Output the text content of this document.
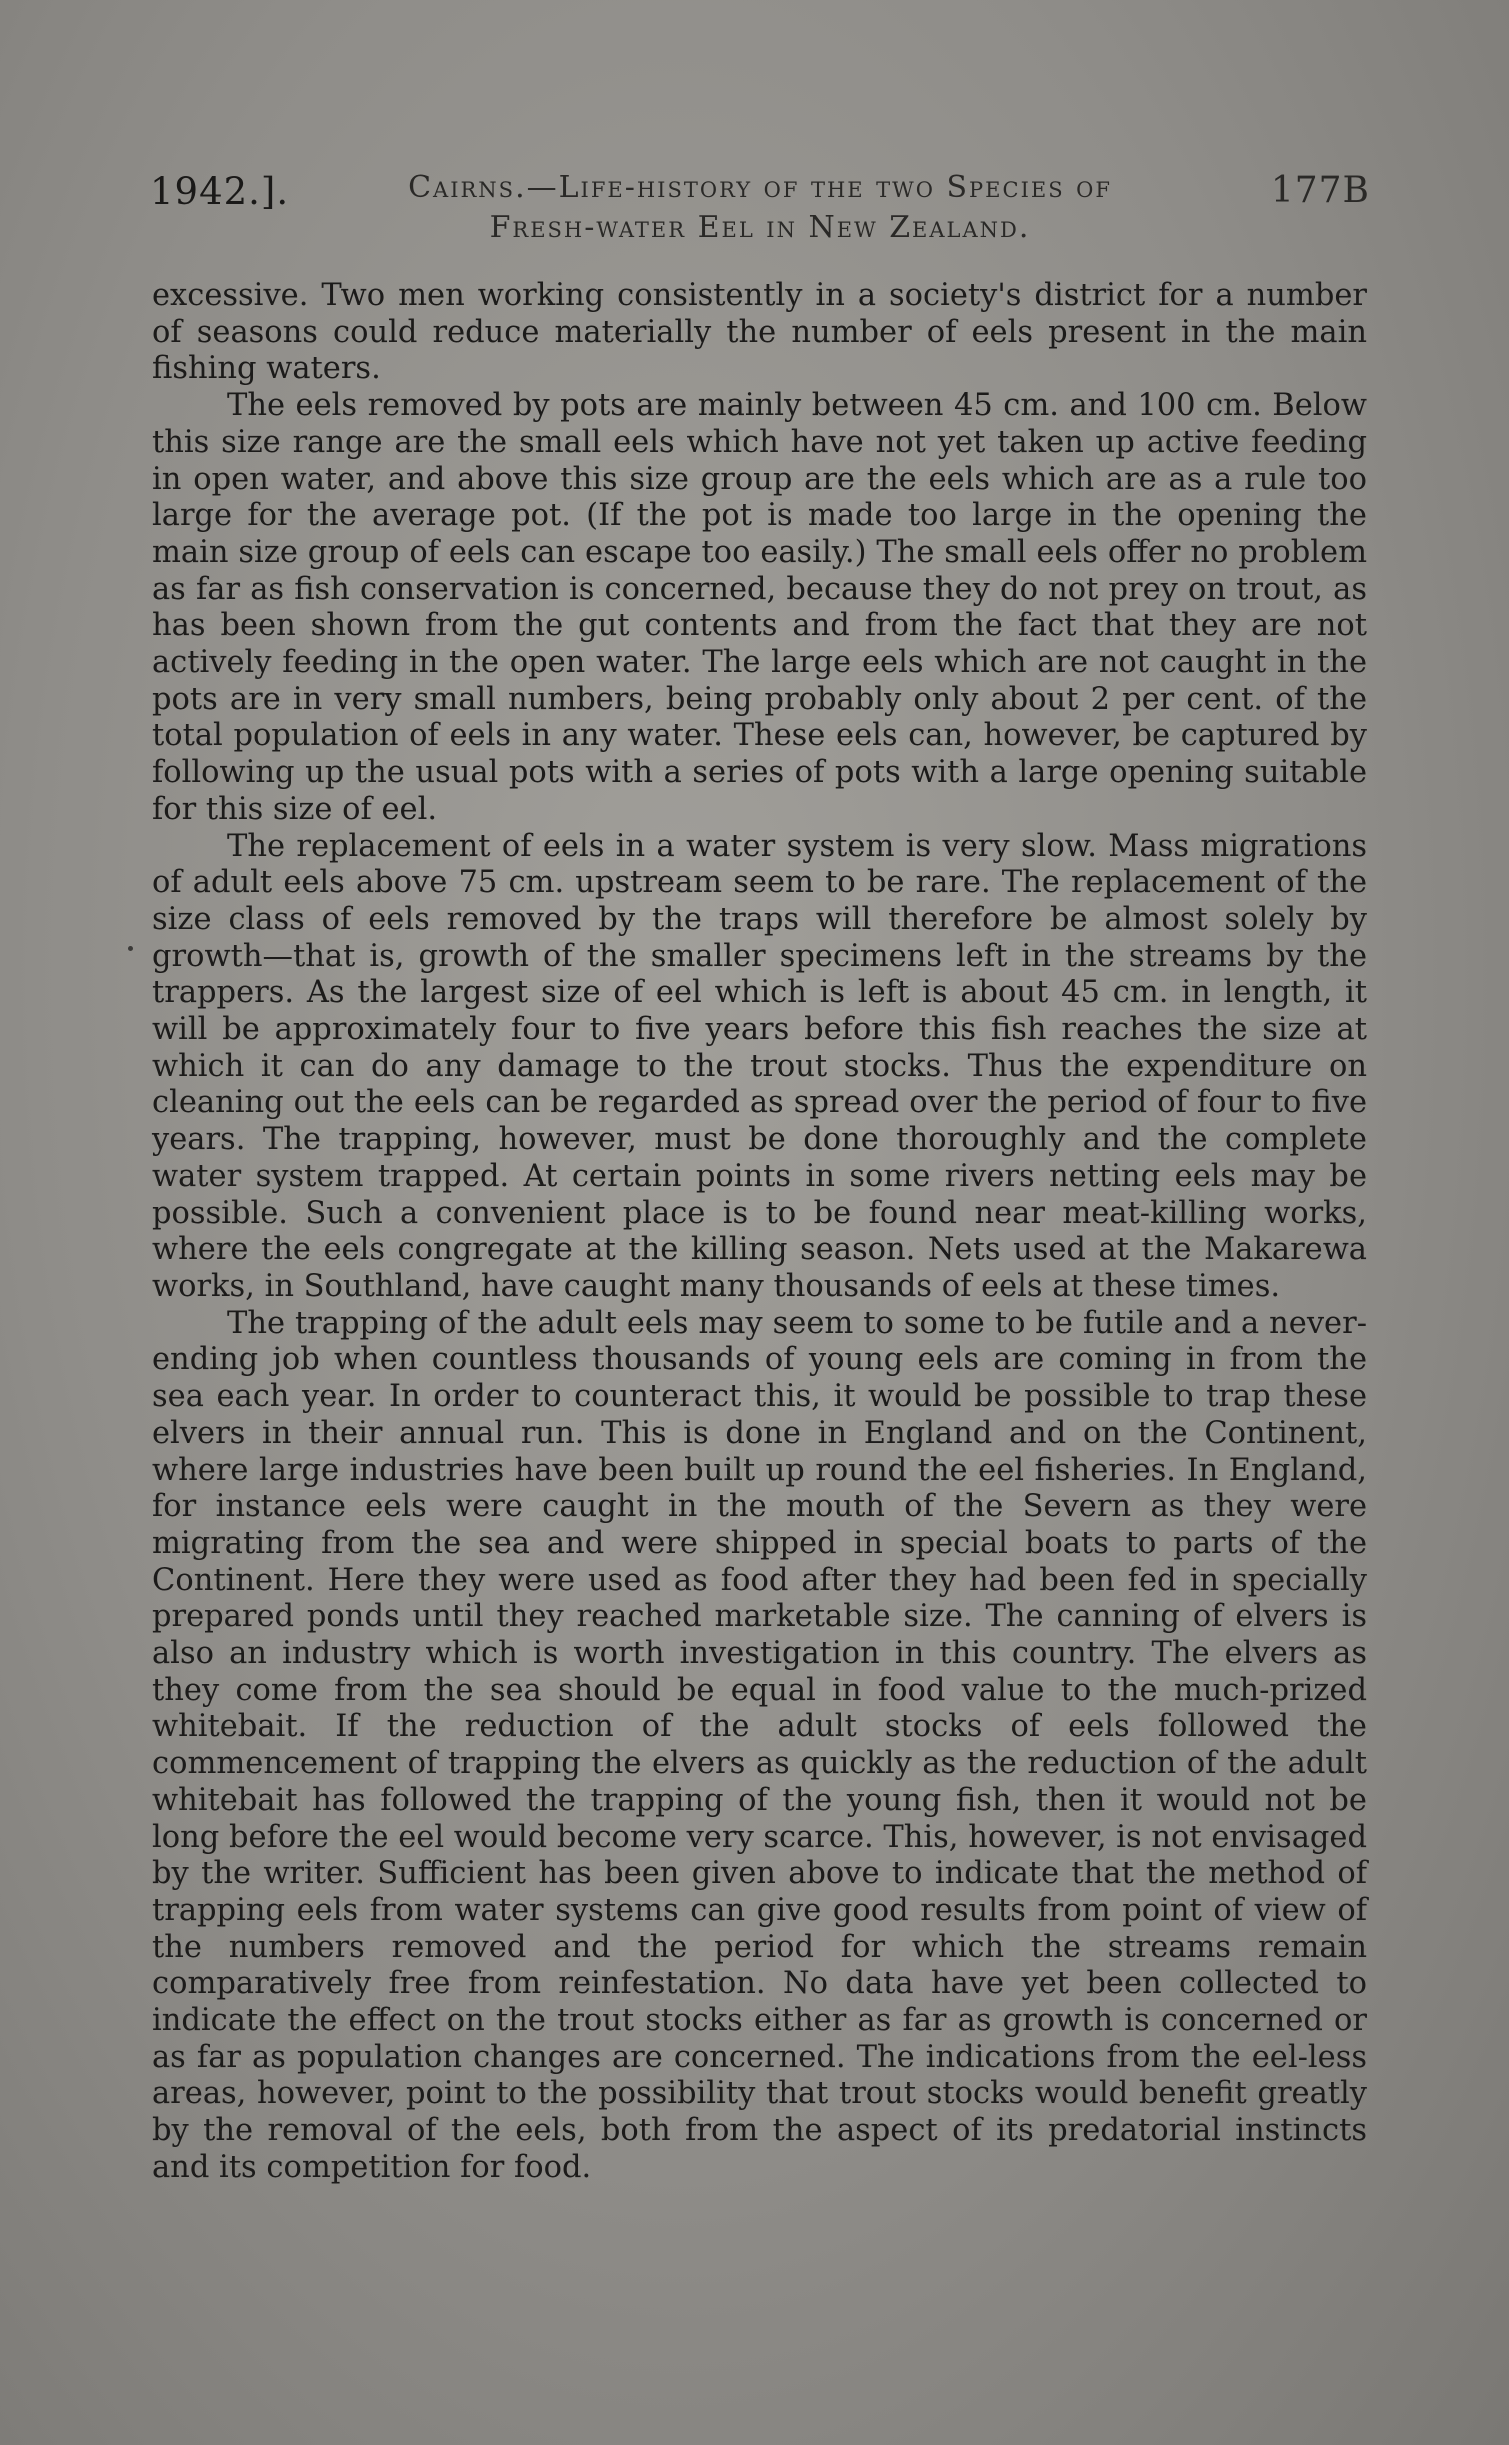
1942.].	Cairns.—Life-history of the two Species of
Fresh-water Eel in New Zealand.
177B

excessive. Two men working consistently in a society's district for a number of seasons could reduce materially the number of eels present in the main fishing waters.

The eels removed by pots are mainly between 45 cm. and 100 cm. Below this size range are the small eels which have not yet taken up active feeding in open water, and above this size group are the eels which are as a rule too large for the average pot. (If the pot is made too large in the opening the main size group of eels can escape too easily.) The small eels offer no problem as far as fish conservation is concerned, because they do not prey on trout, as has been shown from the gut contents and from the fact that they are not actively feeding in the open water. The large eels which are not caught in the pots are in very small numbers, being probably only about 2 per cent. of the total population of eels in any water. These eels can, however, be captured by following up the usual pots with a series of pots with a large opening suitable for this size of eel.

The replacement of eels in a water system is very slow. Mass migrations of adult eels above 75 cm. upstream seem to be rare. The replacement of the size class of eels removed by the traps will therefore be almost solely by growth—that is, growth of the smaller specimens left in the streams by the trappers. As the largest size of eel which is left is about 45 cm. in length, it will be approximately four to five years before this fish reaches the size at which it can do any damage to the trout stocks. Thus the expenditure on cleaning out the eels can be regarded as spread over the period of four to five years. The trapping, however, must be done thoroughly and the complete water system trapped. At certain points in some rivers netting eels may be possible. Such a convenient place is to be found near meat-killing works, where the eels congregate at the killing season. Nets used at the Makarewa works, in Southland, have caught many thousands of eels at these times.

The trapping of the adult eels may seem to some to be futile and a never-ending job when countless thousands of young eels are coming in from the sea each year. In order to counteract this, it would be possible to trap these elvers in their annual run. This is done in England and on the Continent, where large industries have been built up round the eel fisheries. In England, for instance eels were caught in the mouth of the Severn as they were migrating from the sea and were shipped in special boats to parts of the Continent. Here they were used as food after they had been fed in specially prepared ponds until they reached marketable size. The canning of elvers is also an industry which is worth investigation in this country. The elvers as they come from the sea should be equal in food value to the much-prized whitebait. If the reduction of the adult stocks of eels followed the commencement of trapping the elvers as quickly as the reduction of the adult whitebait has followed the trapping of the young fish, then it would not be long before the eel would become very scarce. This, however, is not envisaged by the writer. Sufficient has been given above to indicate that the method of trapping eels from water systems can give good results from point of view of the numbers removed and the period for which the streams remain comparatively free from reinfestation. No data have yet been collected to indicate the effect on the trout stocks either as far as growth is concerned or as far as population changes are concerned. The indications from the eel-less areas, however, point to the possibility that trout stocks would benefit greatly by the removal of the eels, both from the aspect of its predatorial instincts and its competition for food.
